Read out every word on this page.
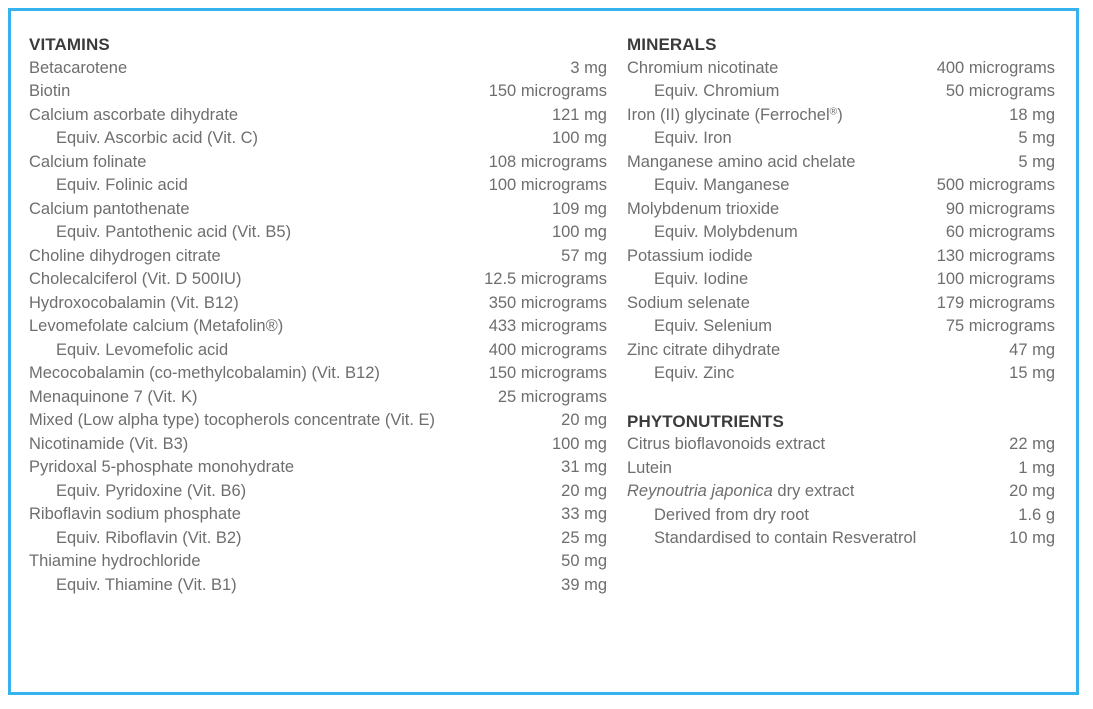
VITAMINS
Betacarotene	3 mg
Biotin	150 micrograms
Calcium ascorbate dihydrate	121 mg
Equiv. Ascorbic acid (Vit. C)	100 mg
Calcium folinate	108 micrograms
Equiv. Folinic acid	100 micrograms
Calcium pantothenate	109 mg
Equiv. Pantothenic acid (Vit. B5)	100 mg
Choline dihydrogen citrate	57 mg
Cholecalciferol (Vit. D 500IU)	12.5 micrograms
Hydroxocobalamin (Vit. B12)	350 micrograms
Levomefolate calcium (Metafolin®)	433 micrograms
Equiv. Levomefolic acid	400 micrograms
Mecocobalamin (co-methylcobalamin) (Vit. B12)	150 micrograms
Menaquinone 7 (Vit. K)	25 micrograms
Mixed (Low alpha type) tocopherols concentrate (Vit. E)	20 mg
Nicotinamide (Vit. B3)	100 mg
Pyridoxal 5-phosphate monohydrate	31 mg
Equiv. Pyridoxine (Vit. B6)	20 mg
Riboflavin sodium phosphate	33 mg
Equiv. Riboflavin (Vit. B2)	25 mg
Thiamine hydrochloride	50 mg
Equiv. Thiamine (Vit. B1)	39 mg
MINERALS
Chromium nicotinate	400 micrograms
Equiv. Chromium	50 micrograms
Iron (II) glycinate (Ferrochel®)	18 mg
Equiv. Iron	5 mg
Manganese amino acid chelate	5 mg
Equiv. Manganese	500 micrograms
Molybdenum trioxide	90 micrograms
Equiv. Molybdenum	60 micrograms
Potassium iodide	130 micrograms
Equiv. Iodine	100 micrograms
Sodium selenate	179 micrograms
Equiv. Selenium	75 micrograms
Zinc citrate dihydrate	47 mg
Equiv. Zinc	15 mg
PHYTONUTRIENTS
Citrus bioflavonoids extract	22 mg
Lutein	1 mg
Reynoutria japonica dry extract	20 mg
Derived from dry root	1.6 g
Standardised to contain Resveratrol	10 mg
